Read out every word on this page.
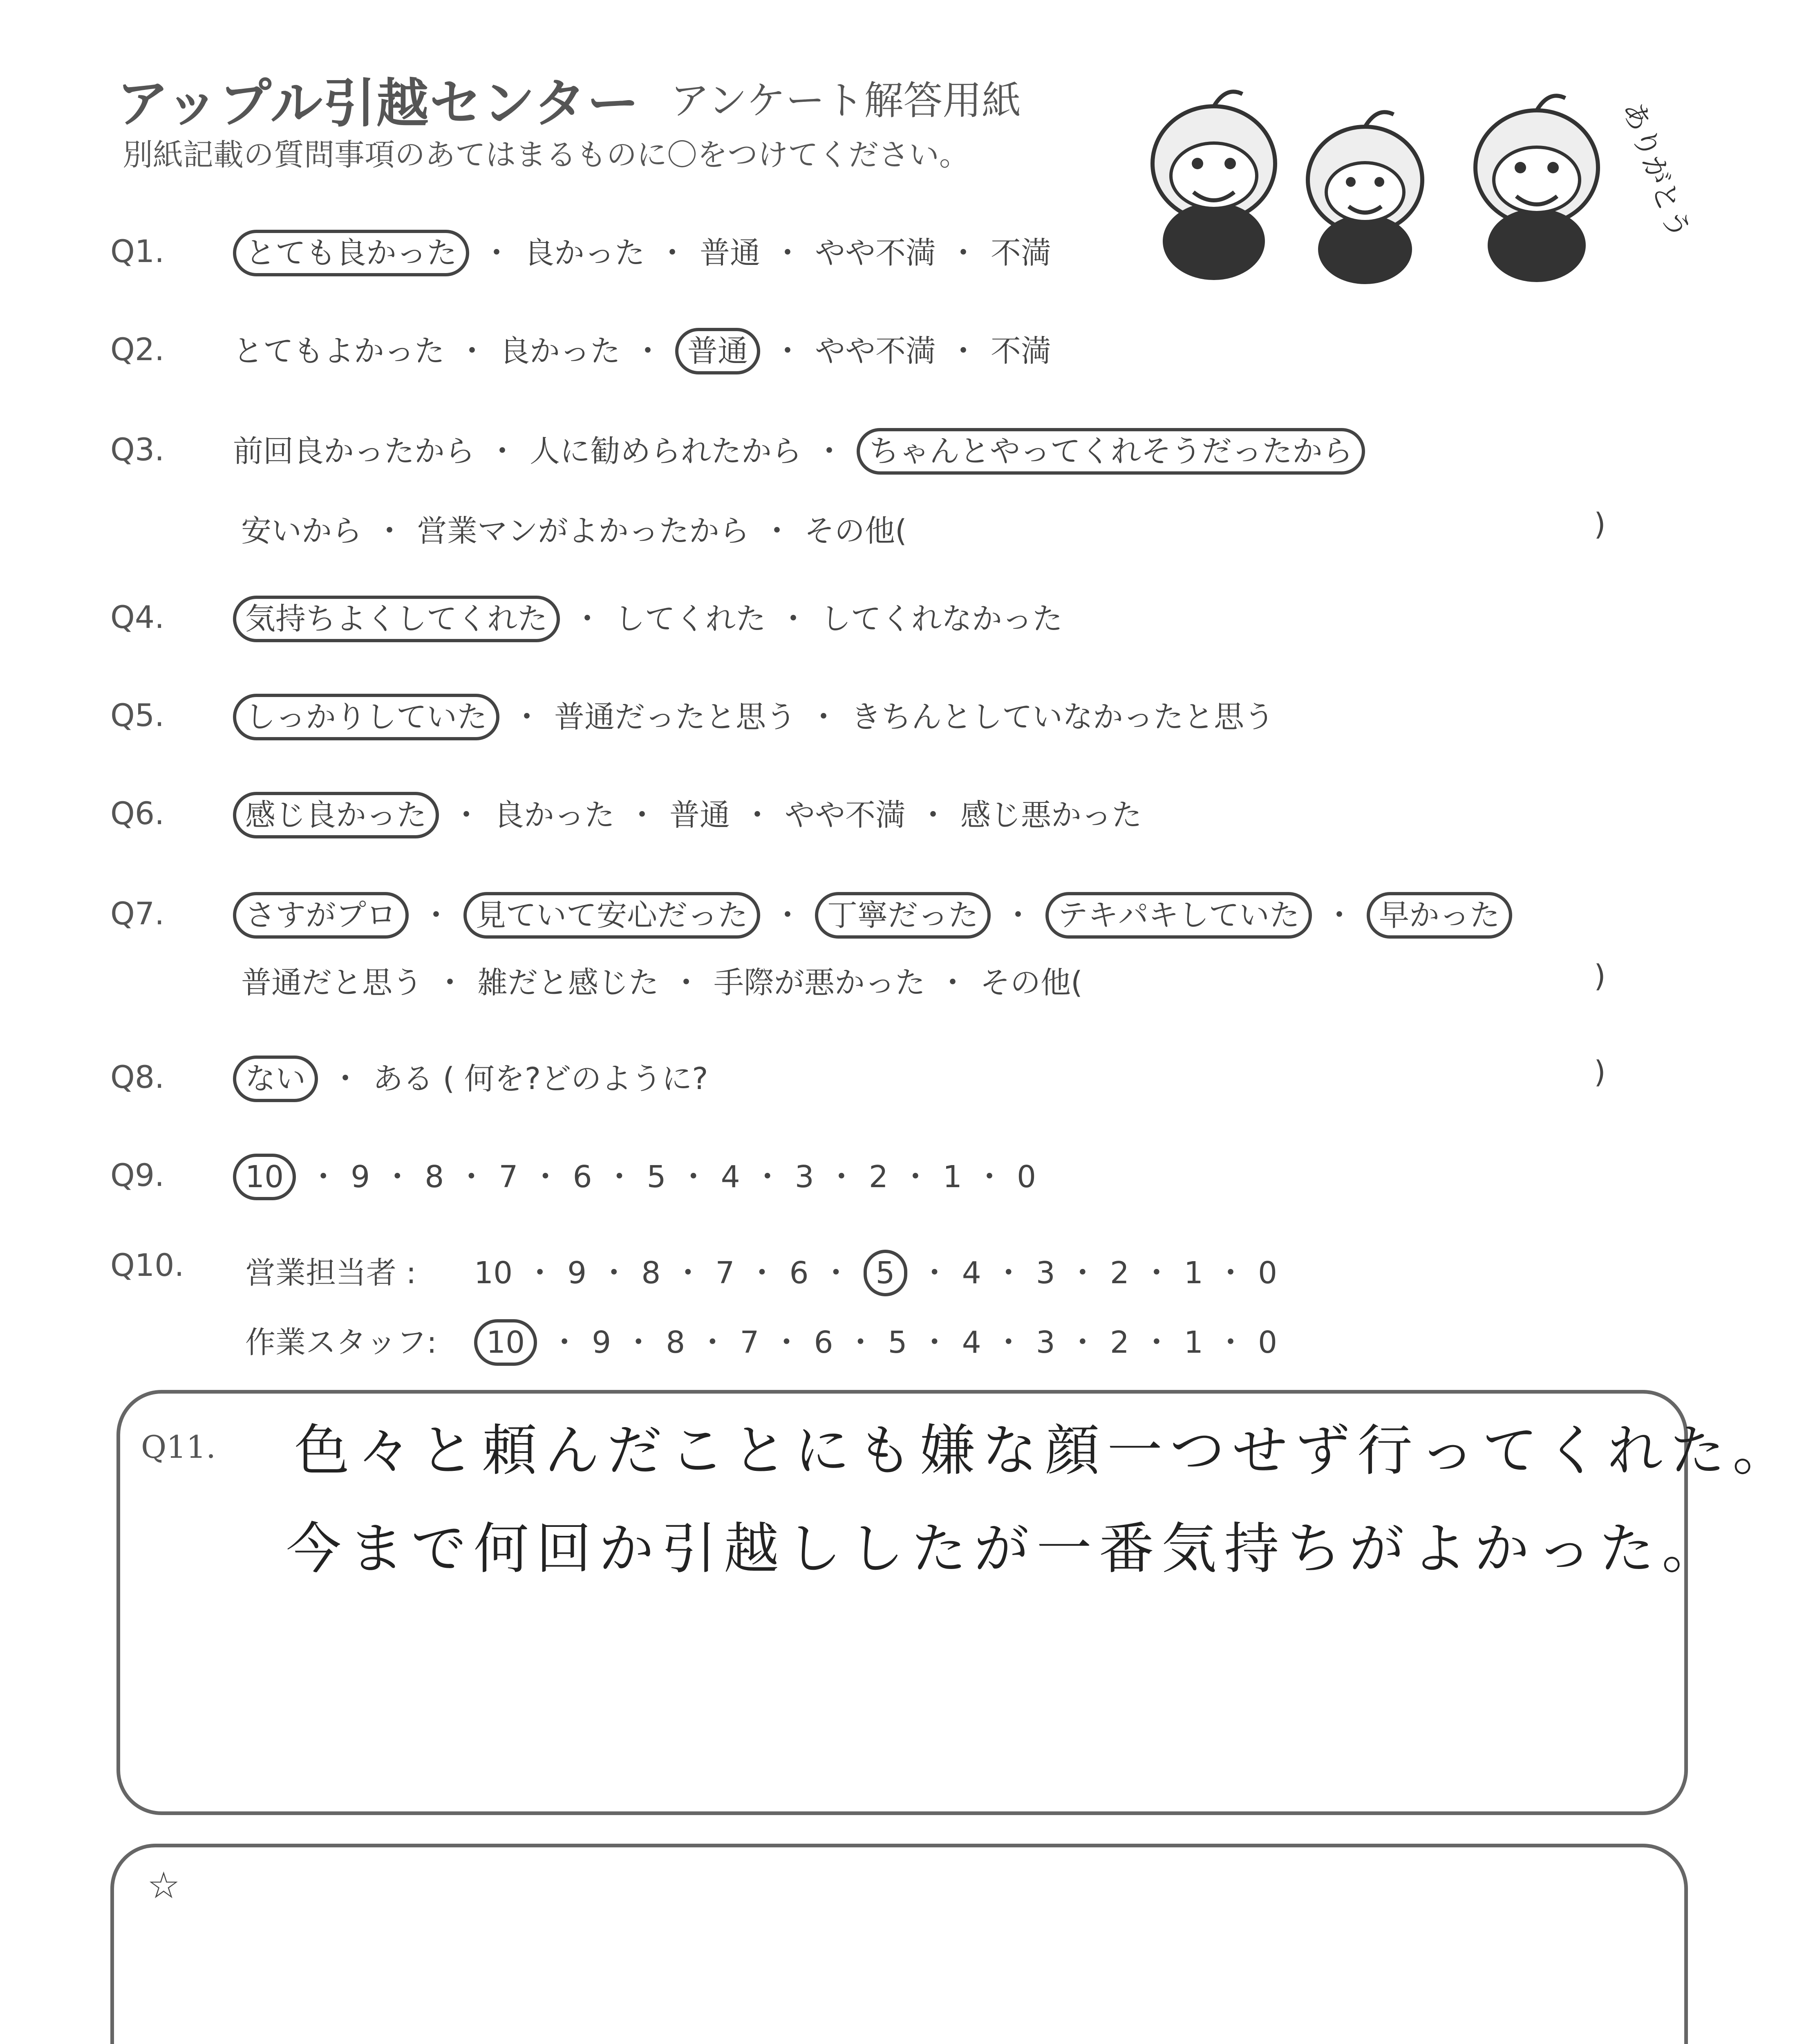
アップル引越センター アンケート解答用紙
別紙記載の質問事項のあてはまるものに〇をつけてください。	ありがとう
Q1.	とても良かった ・ 良かった ・ 普通 ・ やや不満 ・ 不満
Q2. とてもよかった ・ 良かった ・ 普通 ・ やや不満 ・ 不満
Q3. 前回良かったから ・ 人に勧められたから ・ ちゃんとやってくれそうだったから
安いから ・ 営業マンがよかったから ・ その他(	)
Q4.	気持ちよくしてくれた ・ してくれた ・ してくれなかった
Q5.	しっかりしていた ・ 普通だったと思う ・ きちんとしていなかったと思う
Q6.	感じ良かった ・ 良かった ・ 普通 ・ やや不満 ・ 感じ悪かった
Q7.	さすがプロ ・ 見ていて安心だった ・ 丁寧だった ・ テキパキしていた ・ 早かった
普通だと思う ・ 雑だと感じた ・ 手際が悪かった ・ その他(	)
Q8.	ない ・ ある ( 何を?どのように?	)
Q9.	10 ・ 9 ・ 8 ・ 7 ・ 6 ・ 5 ・ 4 ・ 3 ・ 2 ・ 1 ・ 0
Q10. 営業担当者 : 10 ・ 9 ・ 8 ・ 7 ・ 6 ・ 5 ・ 4 ・ 3 ・ 2 ・ 1 ・ 0
作業スタッフ:	10 ・ 9 ・ 8 ・ 7 ・ 6 ・ 5 ・ 4 ・ 3 ・ 2 ・ 1 ・ 0
Q11. 色々と頼んだことにも嫌な顔一つせず行ってくれた。
今まで何回か引越ししたが一番気持ちがよかった。
☆
